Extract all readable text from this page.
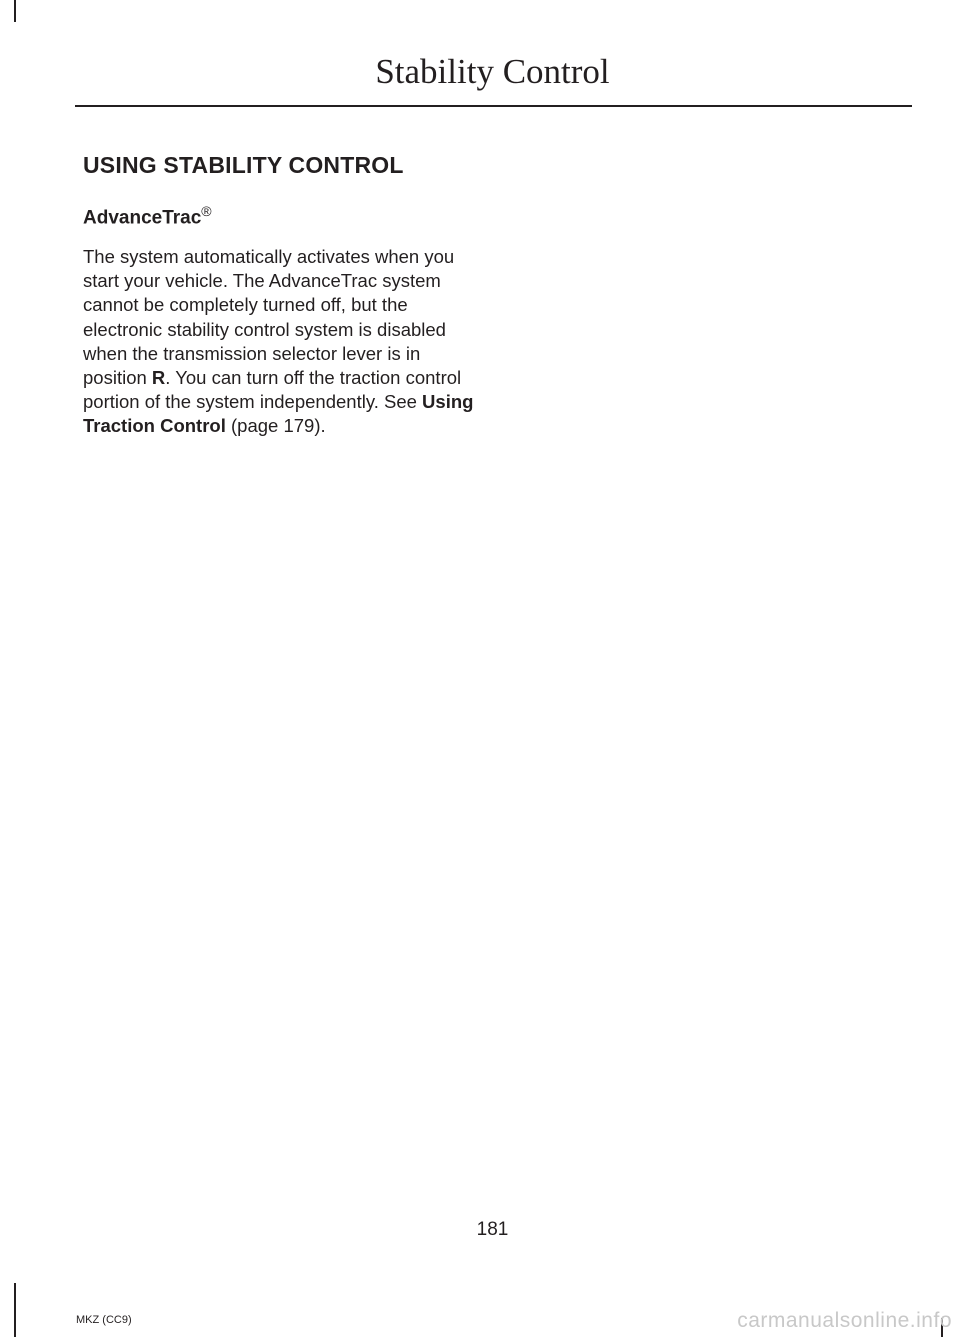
Stability Control
USING STABILITY CONTROL
AdvanceTrac®

The system automatically activates when you start your vehicle. The AdvanceTrac system cannot be completely turned off, but the electronic stability control system is disabled when the transmission selector lever is in position R. You can turn off the traction control portion of the system independently. See Using Traction Control (page 179).

181
MKZ (CC9)	carmanualsonline.info
